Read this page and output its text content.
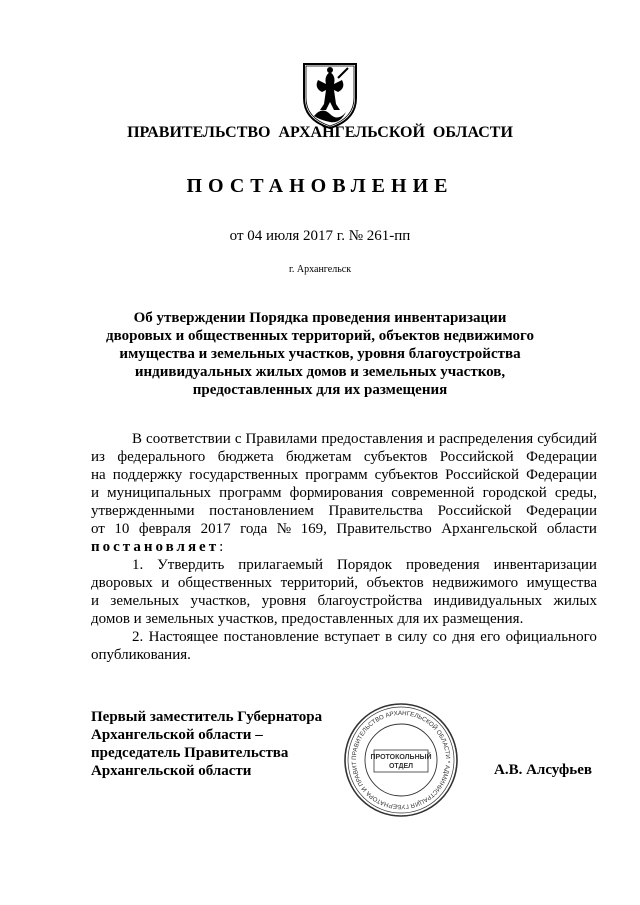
ПРАВИТЕЛЬСТВО АРХАНГЕЛЬСКОЙ ОБЛАСТИ
ПОСТАНОВЛЕНИЕ
от 04 июля 2017 г. № 261-пп
г. Архангельск
Об утверждении Порядка проведения инвентаризации
дворовых и общественных территорий, объектов недвижимого
имущества и земельных участков, уровня благоустройства
индивидуальных жилых домов и земельных участков,
предоставленных для их размещения
В соответствии с Правилами предоставления и распределения субсидий
из федерального бюджета бюджетам субъектов Российской Федерации
на поддержку государственных программ субъектов Российской Федерации
и муниципальных программ формирования современной городской среды,
утвержденными постановлением Правительства Российской Федерации
от 10 февраля 2017 года № 169, Правительство Архангельской области
постановляет :
1. Утвердить прилагаемый Порядок проведения инвентаризации
дворовых и общественных территорий, объектов недвижимого имущества
и земельных участков, уровня благоустройства индивидуальных жилых
домов и земельных участков, предоставленных для их размещения.
2. Настоящее постановление вступает в силу со дня его официального
опубликования.
Первый заместитель Губернатора
Архангельской области –
председатель Правительства
Архангельской области
ПРАВИТЕЛЬСТВО АРХАНГЕЛЬСКОЙ ОБЛАСТИ * АДМИНИСТРАЦИЯ ГУБЕРНАТОРА И ПРАВИТ
ПРОТОКОЛЬНЫЙ
ОТДЕЛ	А.В. Алсуфьев
